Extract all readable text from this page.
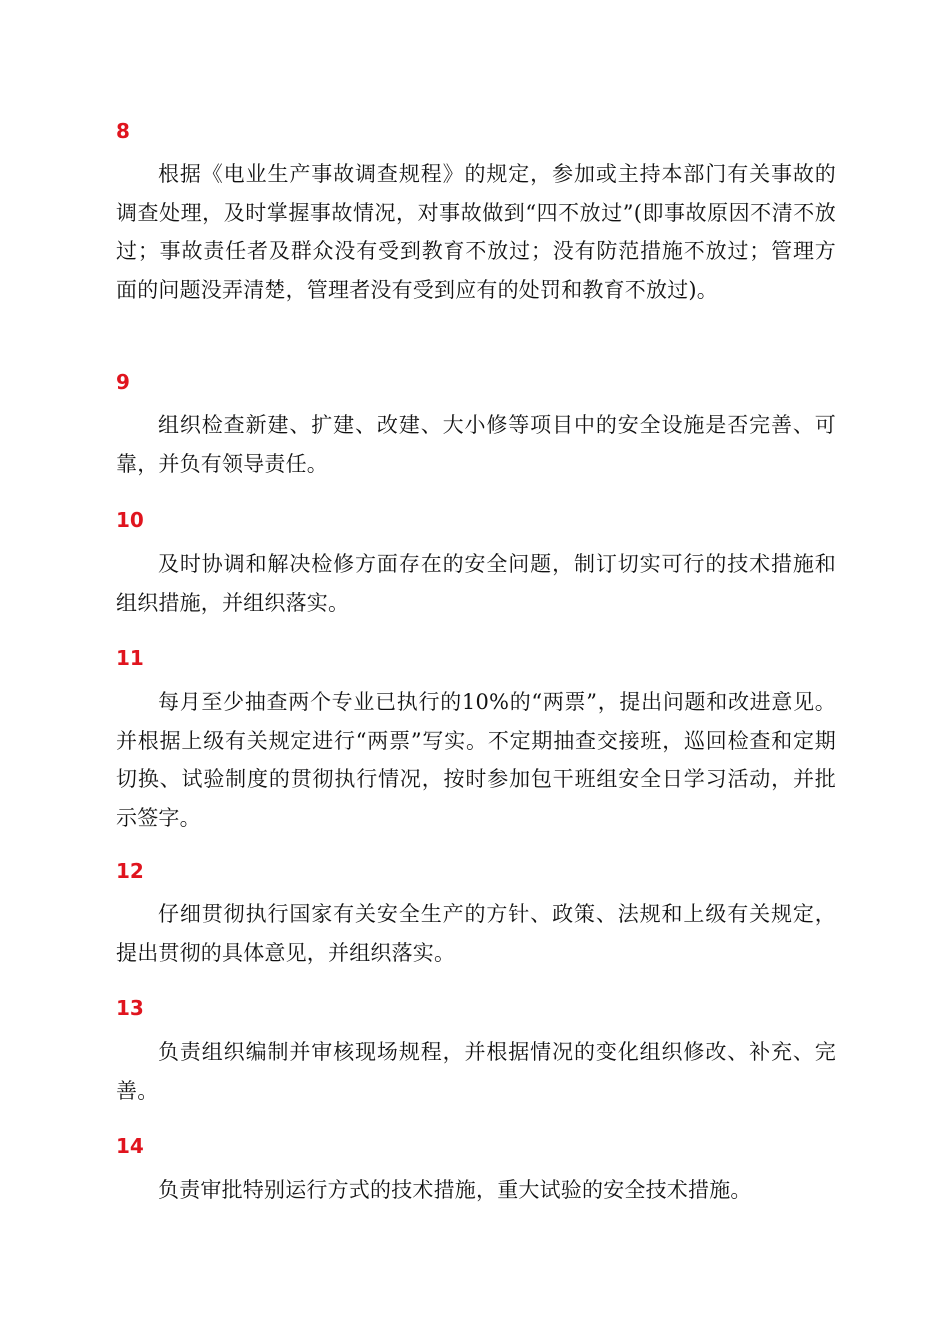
8

根据《电业生产事故调查规程》的规定，参加或主持本部门有关事故的调查处理，及时掌握事故情况，对事故做到“四不放过”(即事故原因不清不放过；事故责任者及群众没有受到教育不放过；没有防范措施不放过；管理方面的问题没弄清楚，管理者没有受到应有的处罚和教育不放过)。

9

组织检查新建、扩建、改建、大小修等项目中的安全设施是否完善、可靠，并负有领导责任。

10

及时协调和解决检修方面存在的安全问题，制订切实可行的技术措施和组织措施，并组织落实。

11

每月至少抽查两个专业已执行的10%的“两票”，提出问题和改进意见。并根据上级有关规定进行“两票”写实。不定期抽查交接班，巡回检查和定期切换、试验制度的贯彻执行情况，按时参加包干班组安全日学习活动，并批示签字。

12

仔细贯彻执行国家有关安全生产的方针、政策、法规和上级有关规定，提出贯彻的具体意见，并组织落实。

13

负责组织编制并审核现场规程，并根据情况的变化组织修改、补充、完善。

14

负责审批特别运行方式的技术措施，重大试验的安全技术措施。
